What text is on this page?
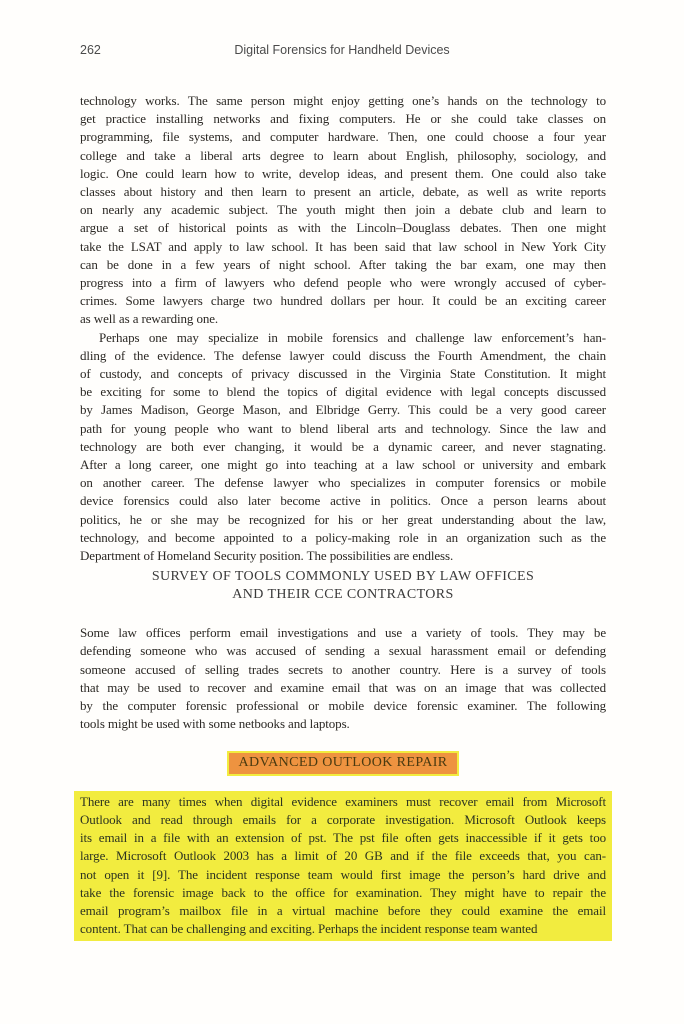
262	Digital Forensics for Handheld Devices
technology works. The same person might enjoy getting one’s hands on the technology to
get practice installing networks and fixing computers. He or she could take classes on
programming, file systems, and computer hardware. Then, one could choose a four year
college and take a liberal arts degree to learn about English, philosophy, sociology, and
logic. One could learn how to write, develop ideas, and present them. One could also take
classes about history and then learn to present an article, debate, as well as write reports
on nearly any academic subject. The youth might then join a debate club and learn to
argue a set of historical points as with the Lincoln–Douglass debates. Then one might
take the LSAT and apply to law school. It has been said that law school in New York City
can be done in a few years of night school. After taking the bar exam, one may then
progress into a firm of lawyers who defend people who were wrongly accused of cyber-
crimes. Some lawyers charge two hundred dollars per hour. It could be an exciting career
as well as a rewarding one.
Perhaps one may specialize in mobile forensics and challenge law enforcement’s han-
dling of the evidence. The defense lawyer could discuss the Fourth Amendment, the chain
of custody, and concepts of privacy discussed in the Virginia State Constitution. It might
be exciting for some to blend the topics of digital evidence with legal concepts discussed
by James Madison, George Mason, and Elbridge Gerry. This could be a very good career
path for young people who want to blend liberal arts and technology. Since the law and
technology are both ever changing, it would be a dynamic career, and never stagnating.
After a long career, one might go into teaching at a law school or university and embark
on another career. The defense lawyer who specializes in computer forensics or mobile
device forensics could also later become active in politics. Once a person learns about
politics, he or she may be recognized for his or her great understanding about the law,
technology, and become appointed to a policy-making role in an organization such as the
Department of Homeland Security position. The possibilities are endless.
SURVEY OF TOOLS COMMONLY USED BY LAW OFFICES
AND THEIR CCE CONTRACTORS
Some law offices perform email investigations and use a variety of tools. They may be
defending someone who was accused of sending a sexual harassment email or defending
someone accused of selling trades secrets to another country. Here is a survey of tools
that may be used to recover and examine email that was on an image that was collected
by the computer forensic professional or mobile device forensic examiner. The following
tools might be used with some netbooks and laptops.
ADVANCED OUTLOOK REPAIR
There are many times when digital evidence examiners must recover email from Microsoft
Outlook and read through emails for a corporate investigation. Microsoft Outlook keeps
its email in a file with an extension of pst. The pst file often gets inaccessible if it gets too
large. Microsoft Outlook 2003 has a limit of 20 GB and if the file exceeds that, you can-
not open it [9]. The incident response team would first image the person’s hard drive and
take the forensic image back to the office for examination. They might have to repair the
email program’s mailbox file in a virtual machine before they could examine the email
content. That can be challenging and exciting. Perhaps the incident response team wanted
